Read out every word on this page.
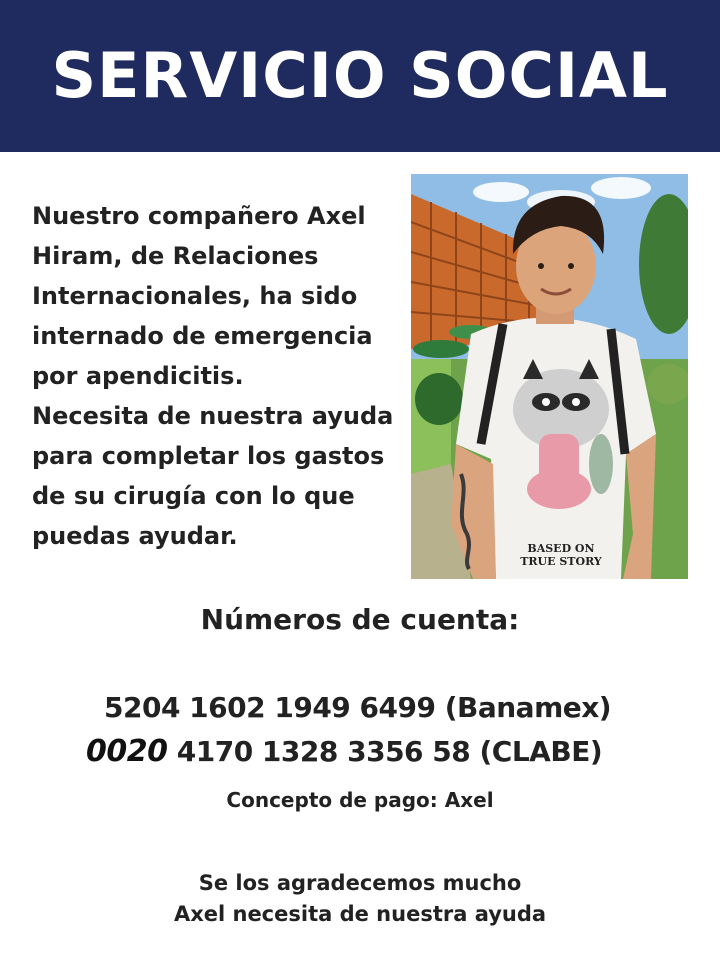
SERVICIO SOCIAL
Nuestro compañero Axel
Hiram, de Relaciones
Internacionales, ha sido
internado de emergencia
por apendicitis.
Necesita de nuestra ayuda
para completar los gastos
de su cirugía con lo que
puedas ayudar.	BASED ON
TRUE STORY
Números de cuenta:
5204 1602 1949 6499 (Banamex)
0020 4170 1328 3356 58 (CLABE)
Concepto de pago: Axel
Se los agradecemos mucho
Axel necesita de nuestra ayuda
